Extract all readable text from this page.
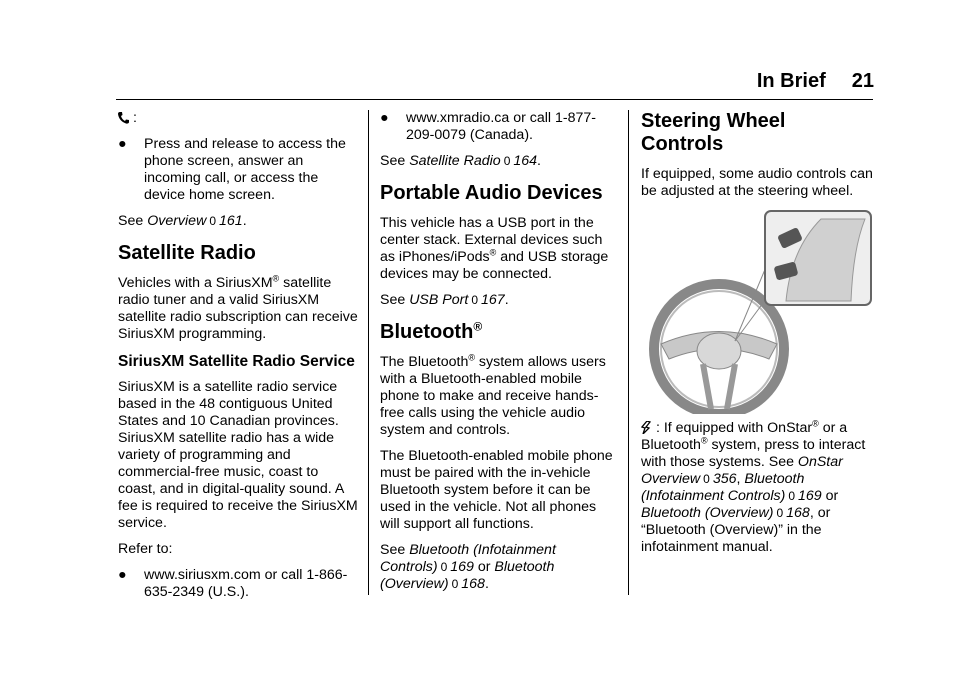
In Brief 21

:

●	Press and release to access the phone screen, answer an incoming call, or access the device home screen.

See Overview 0 161.

Satellite Radio

Vehicles with a SiriusXM® satellite radio tuner and a valid SiriusXM satellite radio subscription can receive SiriusXM programming.

SiriusXM Satellite Radio Service

SiriusXM is a satellite radio service based in the 48 contiguous United States and 10 Canadian provinces. SiriusXM satellite radio has a wide variety of programming and commercial-free music, coast to coast, and in digital-quality sound. A fee is required to receive the SiriusXM service.

Refer to:

●	www.siriusxm.com or call 1-866-635-2349 (U.S.).
●	www.xmradio.ca or call 1-877-209-0079 (Canada).

See Satellite Radio 0 164.

Portable Audio Devices

This vehicle has a USB port in the center stack. External devices such as iPhones/iPods® and USB storage devices may be connected.

See USB Port 0 167.

Bluetooth®

The Bluetooth® system allows users with a Bluetooth-enabled mobile phone to make and receive hands-free calls using the vehicle audio system and controls.

The Bluetooth-enabled mobile phone must be paired with the in-vehicle Bluetooth system before it can be used in the vehicle. Not all phones will support all functions.

See Bluetooth (Infotainment Controls) 0 169 or Bluetooth (Overview) 0 168.

Steering Wheel Controls

If equipped, some audio controls can be adjusted at the steering wheel.

: If equipped with OnStar® or a Bluetooth® system, press to interact with those systems. See OnStar Overview 0 356, Bluetooth (Infotainment Controls) 0 169 or Bluetooth (Overview) 0 168, or “Bluetooth (Overview)” in the infotainment manual.
